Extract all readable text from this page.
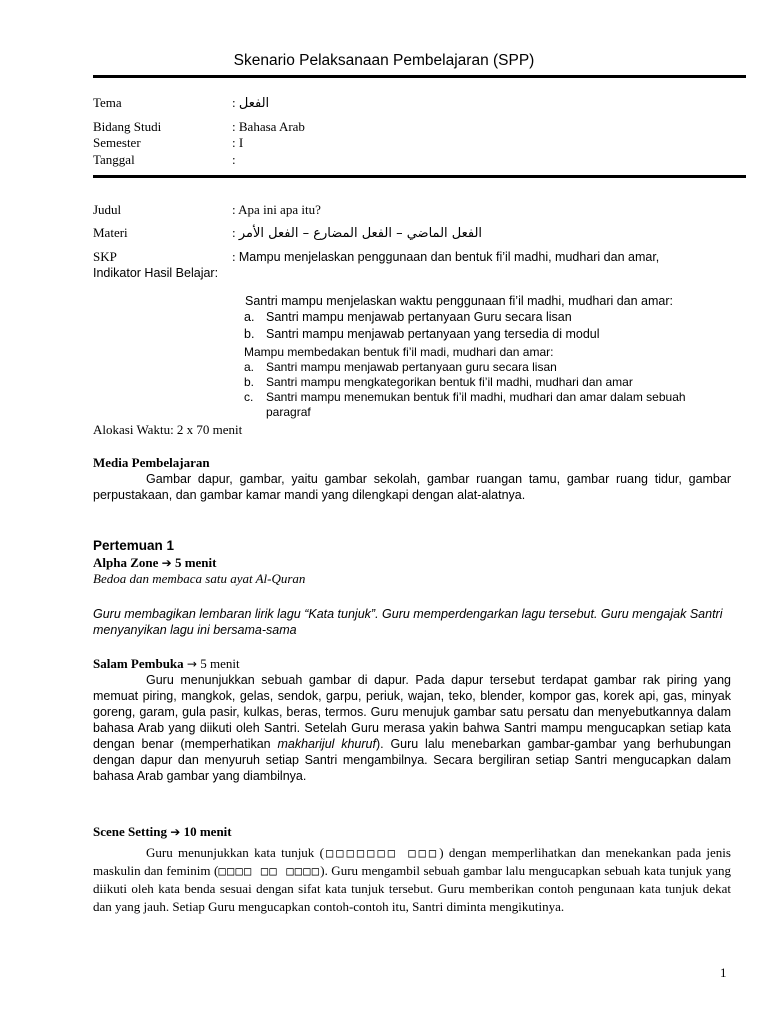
Skenario Pelaksanaan Pembelajaran (SPP)
Tema	: الفعل
Bidang Studi	: Bahasa Arab
Semester	: I
Tanggal	:
Judul	: Apa ini apa itu?
Materi	: الفعل الماضي – الفعل المضارع – الفعل الأمر
SKP	: Mampu menjelaskan penggunaan dan bentuk fi’il madhi, mudhari dan amar,
Indikator Hasil Belajar:
Santri mampu menjelaskan waktu penggunaan fi’il madhi, mudhari dan amar:
a. Santri mampu menjawab pertanyaan Guru secara lisan
b. Santri mampu menjawab pertanyaan yang tersedia di modul
Mampu membedakan bentuk fi’il madi, mudhari dan amar:
a. Santri mampu menjawab pertanyaan guru secara lisan
b. Santri mampu mengkategorikan bentuk fi’il madhi, mudhari dan amar
c. Santri mampu menemukan bentuk fi’il madhi, mudhari dan amar dalam sebuah
paragraf
Alokasi Waktu: 2 x 70 menit
Media Pembelajaran
Gambar dapur, gambar, yaitu gambar sekolah, gambar ruangan tamu, gambar ruang tidur, gambar perpustakaan, dan gambar kamar mandi yang dilengkapi dengan alat-alatnya.
Pertemuan 1
Alpha Zone ➔ 5 menit
Bedoa dan membaca satu ayat Al-Quran
Guru membagikan lembaran lirik lagu “Kata tunjuk”. Guru memperdengarkan lagu tersebut. Guru mengajak Santri menyanyikan lagu ini bersama-sama
Salam Pembuka → 5 menit
Guru menunjukkan sebuah gambar di dapur. Pada dapur tersebut terdapat gambar rak piring yang memuat piring, mangkok, gelas, sendok, garpu, periuk, wajan, teko, blender, kompor gas, korek api, gas, minyak goreng, garam, gula pasir, kulkas, beras, termos. Guru menujuk gambar satu persatu dan menyebutkannya dalam bahasa Arab yang diikuti oleh Santri. Setelah Guru merasa yakin bahwa Santri mampu mengucapkan setiap kata dengan benar (memperhatikan makharijul khuruf). Guru lalu menebarkan gambar-gambar yang berhubungan dengan dapur dan menyuruh setiap Santri mengambilnya. Secara bergiliran setiap Santri mengucapkan dalam bahasa Arab gambar yang diambilnya.
Scene Setting ➔ 10 menit
Guru menunjukkan kata tunjuk (□□□□□□□ □□□) dengan memperlihatkan dan menekankan pada jenis maskulin dan feminim (□□□□ □□ □□□□). Guru mengambil sebuah gambar lalu mengucapkan sebuah kata tunjuk yang diikuti oleh kata benda sesuai dengan sifat kata tunjuk tersebut. Guru memberikan contoh pengunaan kata tunjuk dekat dan yang jauh. Setiap Guru mengucapkan contoh-contoh itu, Santri diminta mengikutinya.
1
